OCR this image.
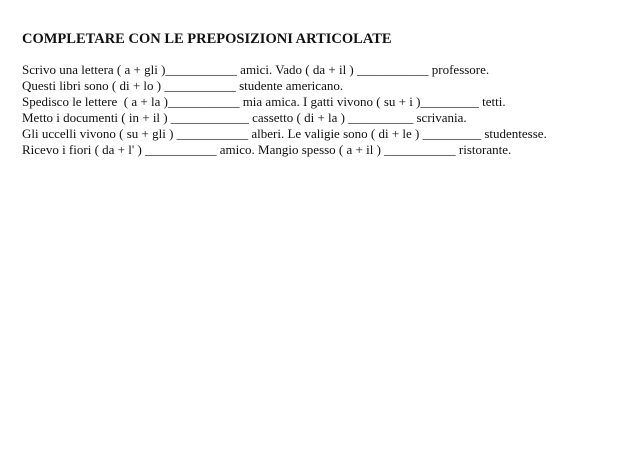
COMPLETARE CON LE PREPOSIZIONI ARTICOLATE

Scrivo una lettera ( a + gli )___________ amici. Vado ( da + il ) ___________ professore.

Questi libri sono ( di + lo ) ___________ studente americano.

Spedisco le lettere  ( a + la )___________ mia amica. I gatti vivono ( su + i )_________ tetti.

Metto i documenti ( in + il ) ____________ cassetto ( di + la ) __________ scrivania.

Gli uccelli vivono ( su + gli ) ___________ alberi. Le valigie sono ( di + le ) _________ studentesse.

Ricevo i fiori ( da + l' ) ___________ amico. Mangio spesso ( a + il ) ___________ ristorante.
